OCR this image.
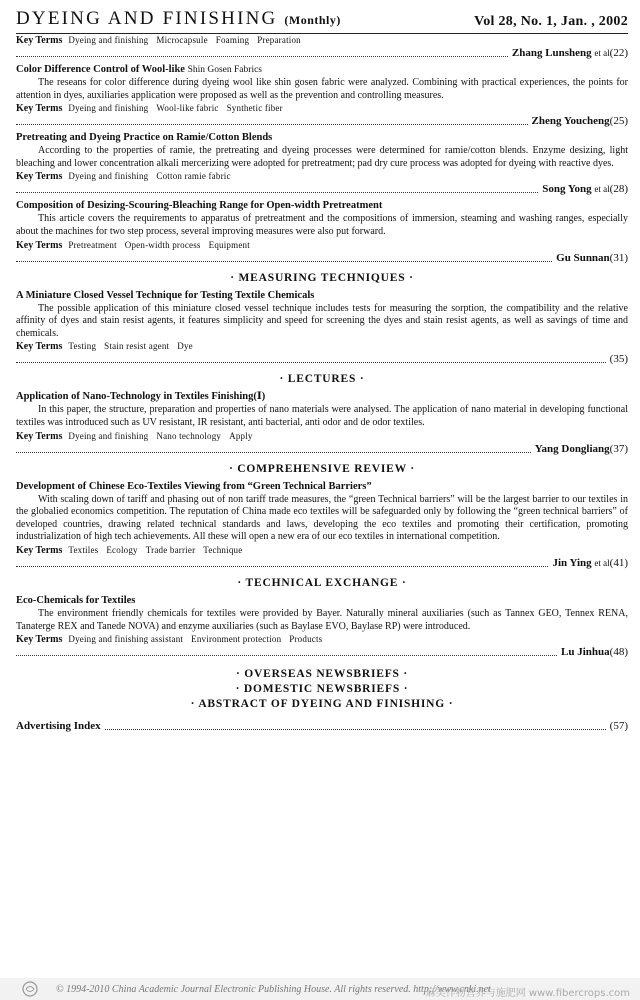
DYEING AND FINISHING (Monthly)	Vol 28, No. 1, Jan. , 2002
Key Terms Dyeing and finishing Microcapsule Foaming Preparation
Zhang Lunsheng et al (22)
Color Difference Control of Wool-like Shin Gosen Fabrics
The reseans for color difference during dyeing wool like shin gosen fabric were analyzed. Combining with practical experiences, the points for attention in dyes, auxiliaries application were proposed as well as the prevention and controlling measures.
Key Terms Dyeing and finishing Wool-like fabric Synthetic fiber
Zheng Youcheng (25)
Pretreating and Dyeing Practice on Ramie/Cotton Blends
According to the properties of ramie, the pretreating and dyeing processes were determined for ramie/cotton blends. Enzyme desizing, light bleaching and lower concentration alkali mercerizing were adopted for pretreatment; pad dry cure process was adopted for dyeing with reactive dyes.
Key Terms Dyeing and finishing Cotton ramie fabric
Song Yong et al (28)
Composition of Desizing-Scouring-Bleaching Range for Open-width Pretreatment
This article covers the requirements to apparatus of pretreatment and the compositions of immersion, steaming and washing ranges, especially about the machines for two step process, several improving measures were also put forward.
Key Terms Pretreatment Open-width process Equipment
Gu Sunnan (31)
· MEASURING TECHNIQUES ·
A Miniature Closed Vessel Technique for Testing Textile Chemicals
The possible application of this miniature closed vessel technique includes tests for measuring the sorption, the compatibility and the relative affinity of dyes and stain resist agents, it features simplicity and speed for screening the dyes and stain resist agents, as well as savings of time and chemicals.
Key Terms Testing Stain resist agent Dye
(35)
· LECTURES ·
Application of Nano-Technology in Textiles Finishing(Ⅰ)
In this paper, the structure, preparation and properties of nano materials were analysed. The application of nano material in developing functional textiles was introduced such as UV resistant, IR resistant, anti bacterial, anti odor and de odor textiles.
Key Terms Dyeing and finishing Nano technology Apply
Yang Dongliang (37)
· COMPREHENSIVE REVIEW ·
Development of Chinese Eco-Textiles Viewing from “Green Technical Barriers”
With scaling down of tariff and phasing out of non tariff trade measures, the “green Technical barriers” will be the largest barrier to our textiles in the globalied economics competition. The reputation of China made eco textiles will be safeguarded only by following the “green technical barriers” of developed countries, drawing related technical standards and laws, developing the eco textiles and promoting their certification, promoting industrialization of high tech achievements. All these will open a new era of our eco textiles in international competition.
Key Terms Textiles Ecology Trade barrier Technique
Jin Ying et al (41)
· TECHNICAL EXCHANGE ·
Eco-Chemicals for Textiles
The environment friendly chemicals for textiles were provided by Bayer. Naturally mineral auxiliaries (such as Tannex GEO, Tennex RENA, Tanaterge REX and Tanede NOVA) and enzyme auxiliaries (such as Baylase EVO, Baylase RP) were introduced.
Key Terms Dyeing and finishing assistant Environment protection Products
Lu Jinhua (48)
· OVERSEAS NEWSBRIEFS ·
· DOMESTIC NEWSBRIEFS ·
· ABSTRACT OF DYEING AND FINISHING ·
Advertising Index	(57)
© 1994-2010 China Academic Journal Electronic Publishing House. All rights reserved. http://www.cnki.net
麻类作物营养与施肥网 www.fibercrops.com
